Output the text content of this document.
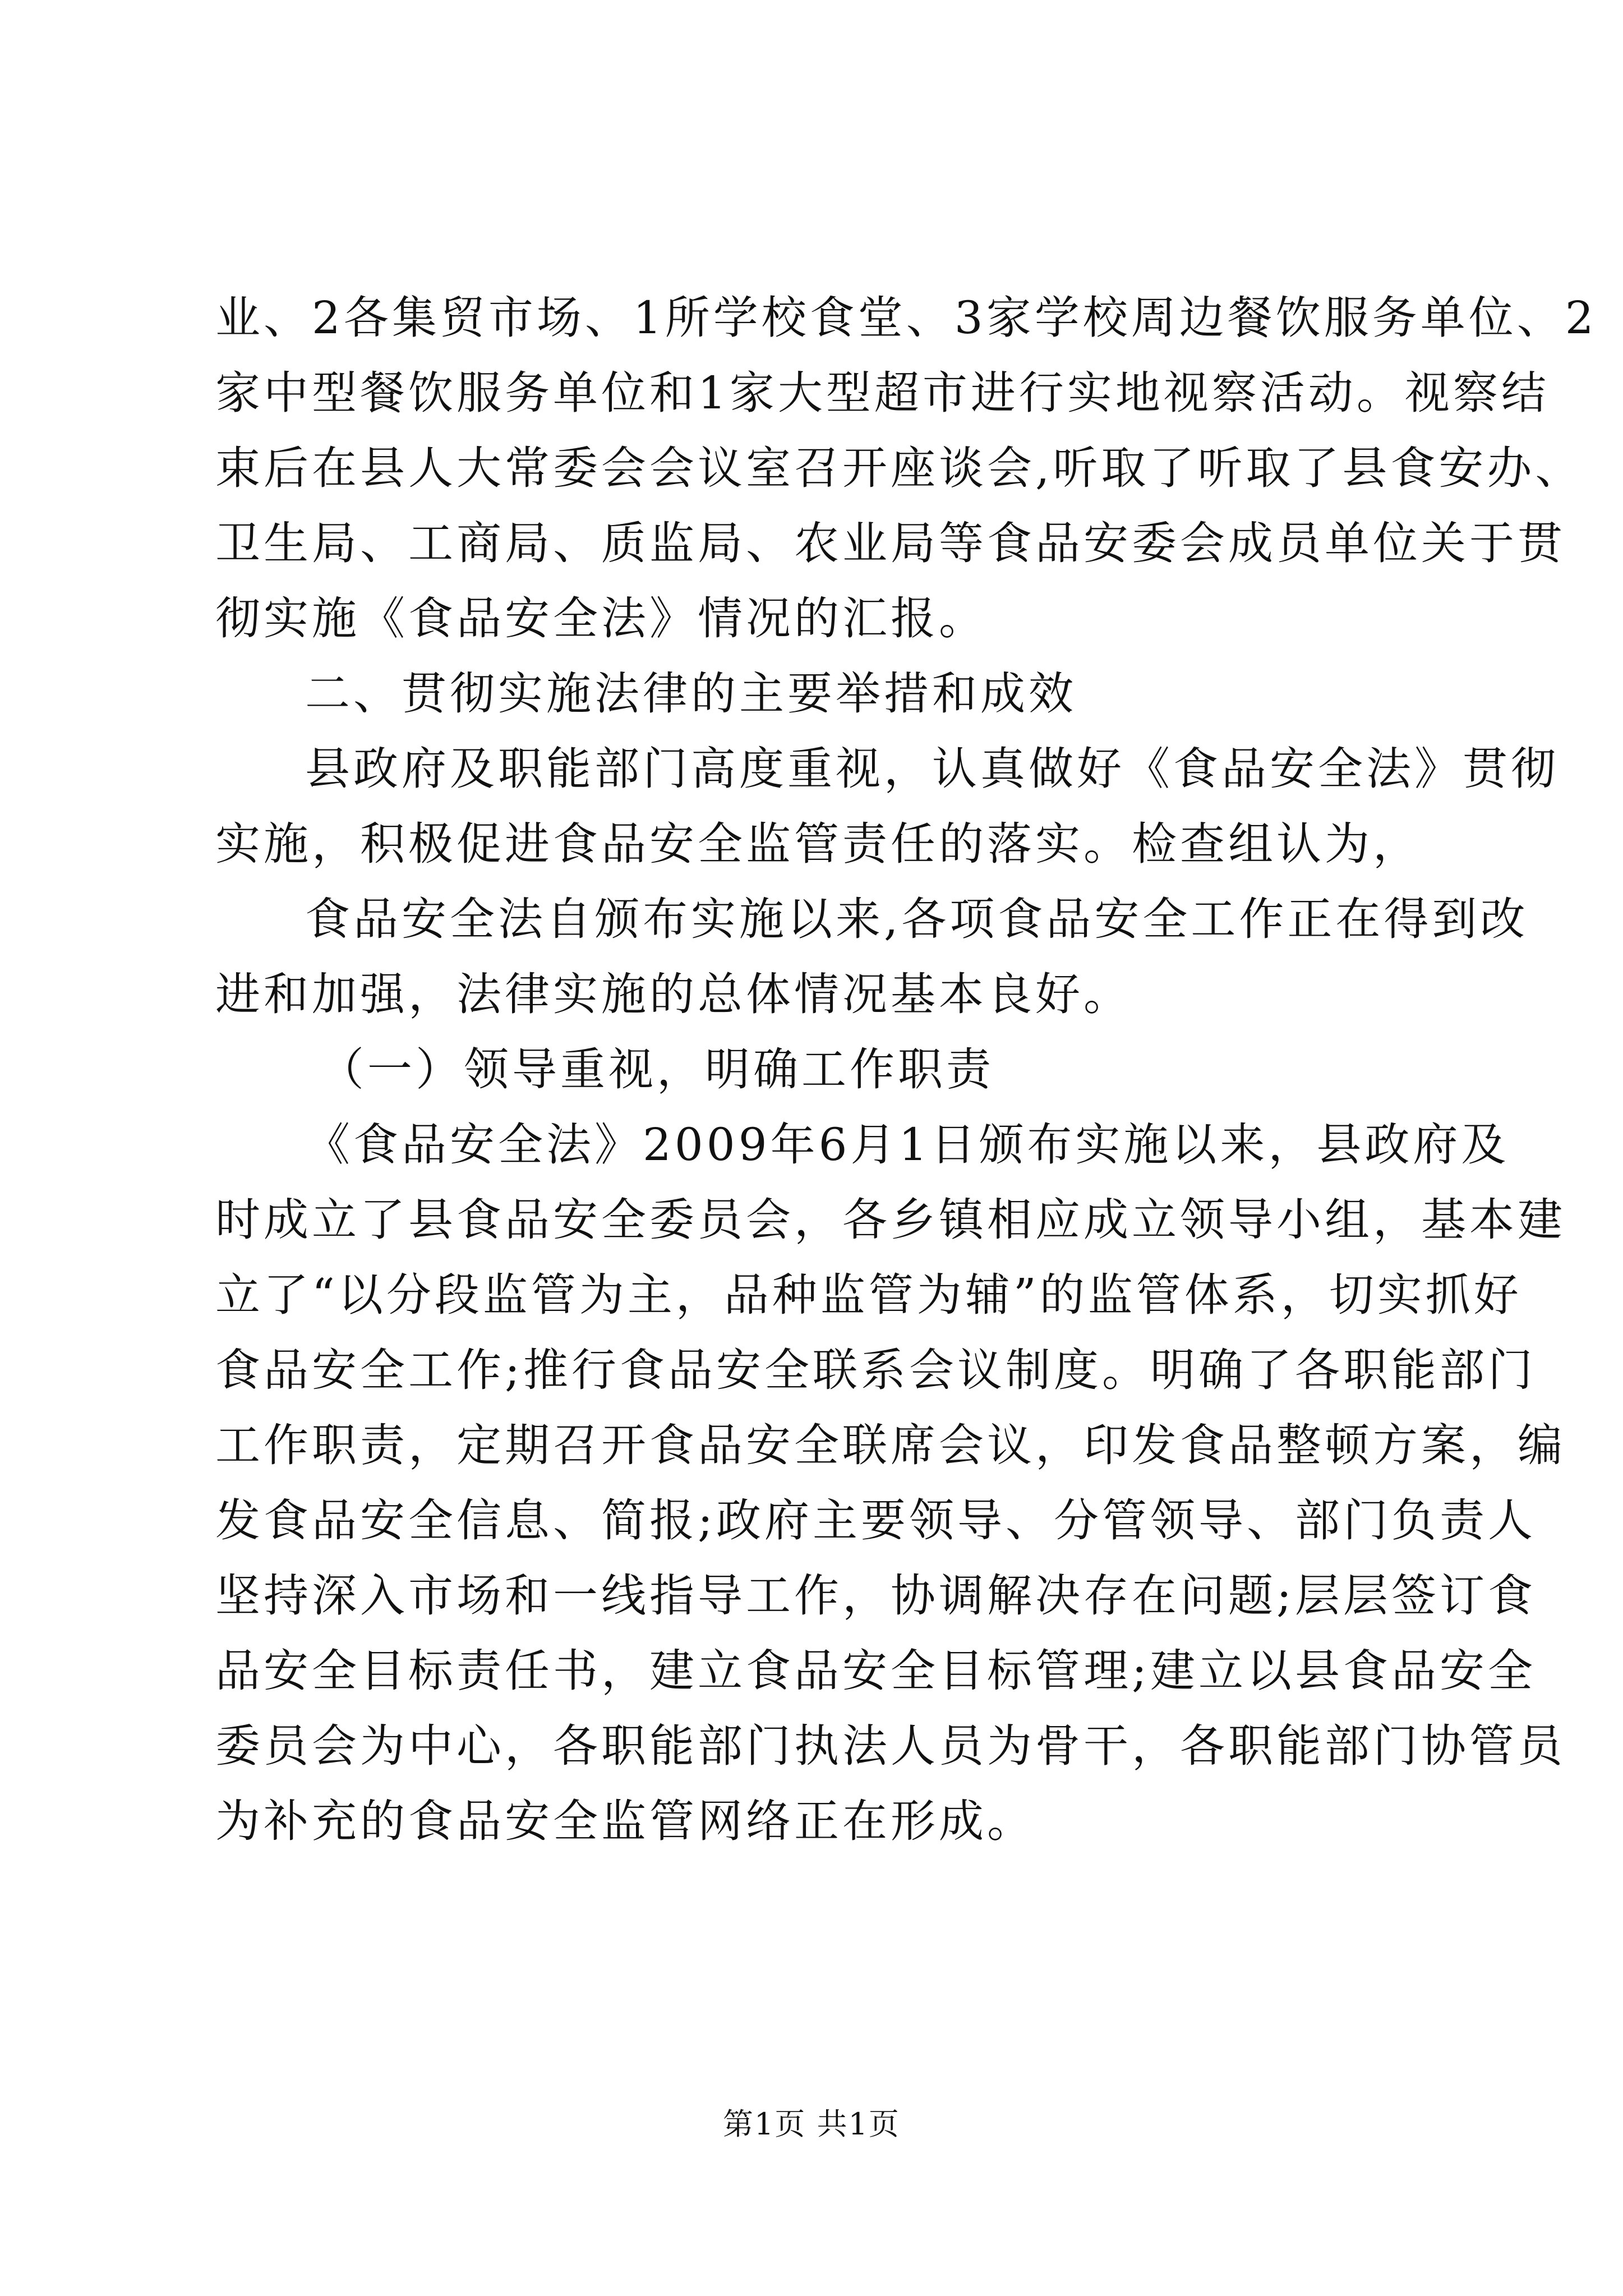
业、2各集贸市场、1所学校食堂、3家学校周边餐饮服务单位、2
家中型餐饮服务单位和1家大型超市进行实地视察活动。视察结
束后在县人大常委会会议室召开座谈会,听取了听取了县食安办、
卫生局、工商局、质监局、农业局等食品安委会成员单位关于贯
彻实施《食品安全法》情况的汇报。
二、贯彻实施法律的主要举措和成效
县政府及职能部门高度重视，认真做好《食品安全法》贯彻
实施，积极促进食品安全监管责任的落实。检查组认为，
食品安全法自颁布实施以来,各项食品安全工作正在得到改
进和加强，法律实施的总体情况基本良好。
（一）领导重视，明确工作职责
《食品安全法》2009年6月1日颁布实施以来，县政府及
时成立了县食品安全委员会，各乡镇相应成立领导小组，基本建
立了“以分段监管为主，品种监管为辅”的监管体系，切实抓好
食品安全工作;推行食品安全联系会议制度。明确了各职能部门
工作职责，定期召开食品安全联席会议，印发食品整顿方案，编
发食品安全信息、简报;政府主要领导、分管领导、部门负责人
坚持深入市场和一线指导工作，协调解决存在问题;层层签订食
品安全目标责任书，建立食品安全目标管理;建立以县食品安全
委员会为中心，各职能部门执法人员为骨干，各职能部门协管员
为补充的食品安全监管网络正在形成。
第1页 共1页
